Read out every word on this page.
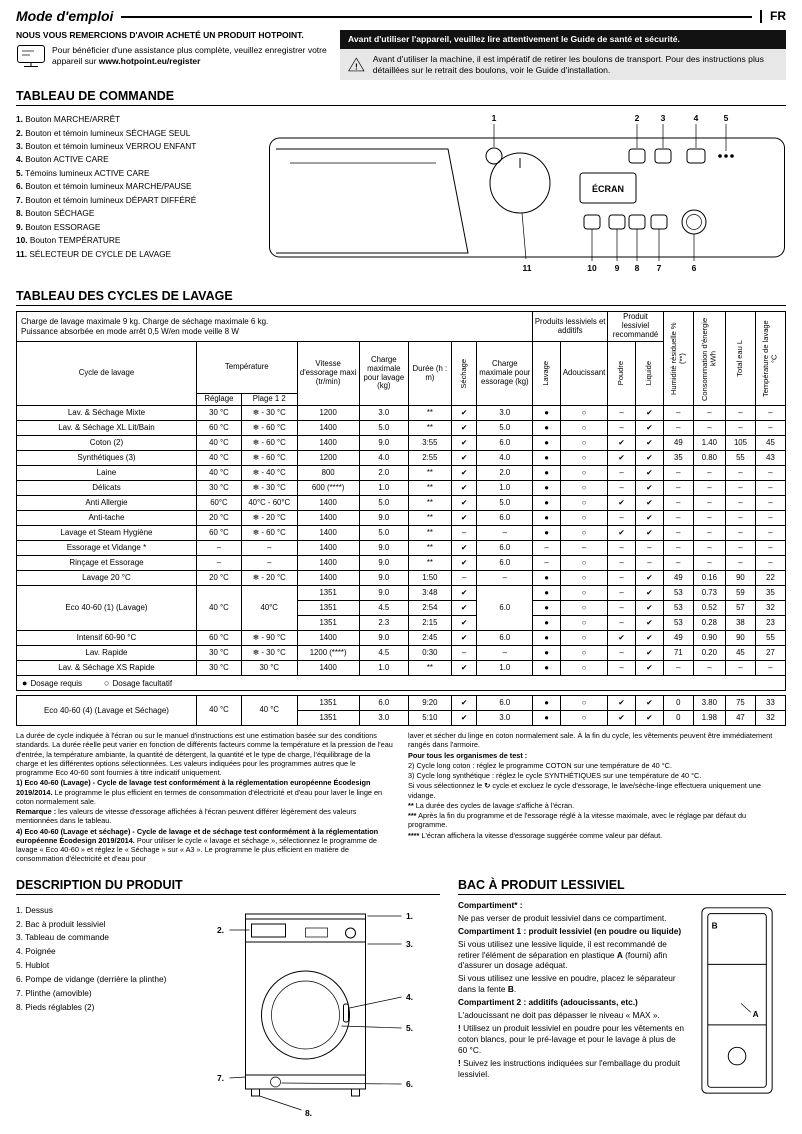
Mode d'emploi	FR
NOUS VOUS REMERCIONS D'AVOIR ACHETÉ UN PRODUIT HOTPOINT.
Pour bénéficier d'une assistance plus complète, veuillez enregistrer votre appareil sur www.hotpoint.eu/register
Avant d'utiliser l'appareil, veuillez lire attentivement le Guide de santé et sécurité.
!
Avant d'utiliser la machine, il est impératif de retirer les boulons de transport. Pour des instructions plus détaillées sur le retrait des boulons, voir le Guide d'installation.
TABLEAU DE COMMANDE
1. Bouton MARCHE/ARRÊT
2. Bouton et témoin lumineux SÉCHAGE SEUL
3. Bouton et témoin lumineux VERROU ENFANT
4. Bouton ACTIVE CARE
5. Témoins lumineux ACTIVE CARE
6. Bouton et témoin lumineux MARCHE/PAUSE
7. Bouton et témoin lumineux DÉPART DIFFÉRÉ
8. Bouton SÉCHAGE
9. Bouton ESSORAGE
10. Bouton TEMPÉRATURE
11. SÉLECTEUR DE CYCLE DE LAVAGE
1	2	3	4	5
ÉCRAN
11	10 9 8 7	6
TABLEAU DES CYCLES DE LAVAGE
Charge de lavage maximale 9 kg. Charge de séchage maximale 6 kg.
Puissance absorbée en mode arrêt 0,5 W/en mode veille 8 W								Produits lessiviels et additifs		Produit lessiviel recommandé		Humidité résiduelle % (**)	Consommation d'énergie kWh	Total eau L	Température de lavage °C

Cycle de lavage	Température		Vitesse d'essorage maxi (tr/min)	Charge maximale pour lavage (kg)	Durée (h : m)	Séchage	Charge maximale pour essorage (kg)	Lavage	Adoucissant	Poudre	Liquide				

	Réglage	Plage 1 2													
Lav. & Séchage Mixte	30 °C	❄ - 30 °C	1200	3.0	**	✔	3.0	●	○	–	✔	–	–	–	–
Lav. & Séchage XL Lit/Bain	60 °C	❄ - 60 °C	1400	5.0	**	✔	5.0	●	○	–	✔	–	–	–	–
Coton (2)	40 °C	❄ - 60 °C	1400	9.0	3:55	✔	6.0	●	○	✔	✔	49	1.40	105	45
Synthétiques (3)	40 °C	❄ - 60 °C	1200	4.0	2:55	✔	4.0	●	○	✔	✔	35	0.80	55	43
Laine	40 °C	❄ - 40 °C	800	2.0	**	✔	2.0	●	○	–	✔	–	–	–	–
Délicats	30 °C	❄ - 30 °C	600 (****)	1.0	**	✔	1.0	●	○	–	✔	–	–	–	–
Anti Allergie	60°C	40°C - 60°C	1400	5.0	**	✔	5.0	●	○	✔	✔	–	–	–	–
Anti-tache	20 °C	❄ - 20 °C	1400	9.0	**	✔	6.0	●	○	–	✔	–	–	–	–
Lavage et Steam Hygiène	60 °C	❄ - 60 °C	1400	5.0	**	–	–	●	○	✔	✔	–	–	–	–
Essorage et Vidange *	–	–	1400	9.0	**	✔	6.0	–	–	–	–	–	–	–	–
Rinçage et Essorage	–	–	1400	9.0	**	✔	6.0	–	○	–	–	–	–	–	–
Lavage 20 °C	20 °C	❄ - 20 °C	1400	9.0	1:50	–	–	●	○	–	✔	49	0.16	90	22
Eco 40-60 (1) (Lavage)	40 °C	40°C	1351	9.0	3:48	✔	6.0	●	○	–	✔	53	0.73	59	35
			1351	4.5	2:54	✔		●	○	–	✔	53	0.52	57	32
			1351	2.3	2:15	✔		●	○	–	✔	53	0.28	38	23
Intensif 60-90 °C	60 °C	❄ - 90 °C	1400	9.0	2:45	✔	6.0	●	○	✔	✔	49	0.90	90	55
Lav. Rapide	30 °C	❄ - 30 °C	1200 (****)	4.5	0:30	–	–	●	○	–	✔	71	0.20	45	27
Lav. & Séchage XS Rapide	30 °C	30 °C	1400	1.0	**	✔	1.0	●	○	–	✔	–	–	–	–
● Dosage requis ○ Dosage facultatif
Eco 40-60 (4) (Lavage et Séchage)	40 °C	40 °C	1351	6.0	9:20	✔	6.0	●	○	✔	✔	0	3.80	75	33
			1351	3.0	5:10	✔	3.0	●	○	✔	✔	0	1.98	47	32

La durée de cycle indiquée à l'écran ou sur le manuel d'instructions est une estimation basée sur des conditions standards. La durée réelle peut varier en fonction de différents facteurs comme la température et la pression de l'eau d'entrée, la température ambiante, la quantité de détergent, la quantité et le type de charge, l'équilibrage de la charge et les différentes options sélectionnées. Les valeurs indiquées pour les programmes autres que le programme Eco 40-60 sont fournies à titre indicatif uniquement.

1) Eco 40-60 (Lavage) - Cycle de lavage test conformément à la réglementation européenne Écodesign 2019/2014. Le programme le plus efficient en termes de consommation d'électricité et d'eau pour laver le linge en coton normalement sale.

Remarque : les valeurs de vitesse d'essorage affichées à l'écran peuvent différer légèrement des valeurs mentionnées dans le tableau.

4) Eco 40-60 (Lavage et séchage) - Cycle de lavage et de séchage test conformément à la réglementation européenne Écodesign 2019/2014. Pour utiliser le cycle « lavage et séchage », sélectionnez le programme de lavage « Eco 40-60 » et réglez le « Séchage » sur « A3 ». Le programme le plus efficient en matière de consommation d'électricité et d'eau pour

laver et sécher du linge en coton normalement sale. À la fin du cycle, les vêtements peuvent être immédiatement rangés dans l'armoire.

Pour tous les organismes de test :

2) Cycle long coton : réglez le programme COTON sur une température de 40 °C.

3) Cycle long synthétique : réglez le cycle SYNTHÉTIQUES sur une température de 40 °C.

Si vous sélectionnez le ↻ cycle et excluez le cycle d'essorage, le lave/sèche-linge effectuera uniquement une vidange.

** La durée des cycles de lavage s'affiche à l'écran.

*** Après la fin du programme et de l'essorage réglé à la vitesse maximale, avec le réglage par défaut du programme.

**** L'écran affichera la vitesse d'essorage suggérée comme valeur par défaut.

DESCRIPTION DU PRODUIT
1. Dessus
2. Bac à produit lessiviel
3. Tableau de commande
4. Poignée
5. Hublot
6. Pompe de vidange (derrière la plinthe)
7. Plinthe (amovible)
8. Pieds réglables (2)
1.
2.
3.
4.
5.
6.
7.
8.
BAC À PRODUIT LESSIVIEL
B
A

Compartiment* :

Ne pas verser de produit lessiviel dans ce compartiment.

Compartiment 1 : produit lessiviel (en poudre ou liquide)

Si vous utilisez une lessive liquide, il est recommandé de retirer l'élément de séparation en plastique A (fourni) afin d'assurer un dosage adéquat.

Si vous utilisez une lessive en poudre, placez le séparateur dans la fente B.

Compartiment 2 : additifs (adoucissants, etc.)

L'adoucissant ne doit pas dépasser le niveau « MAX ».

! Utilisez un produit lessiviel en poudre pour les vêtements en coton blancs, pour le pré-lavage et pour le lavage à plus de 60 °C.

! Suivez les instructions indiquées sur l'emballage du produit lessiviel.
